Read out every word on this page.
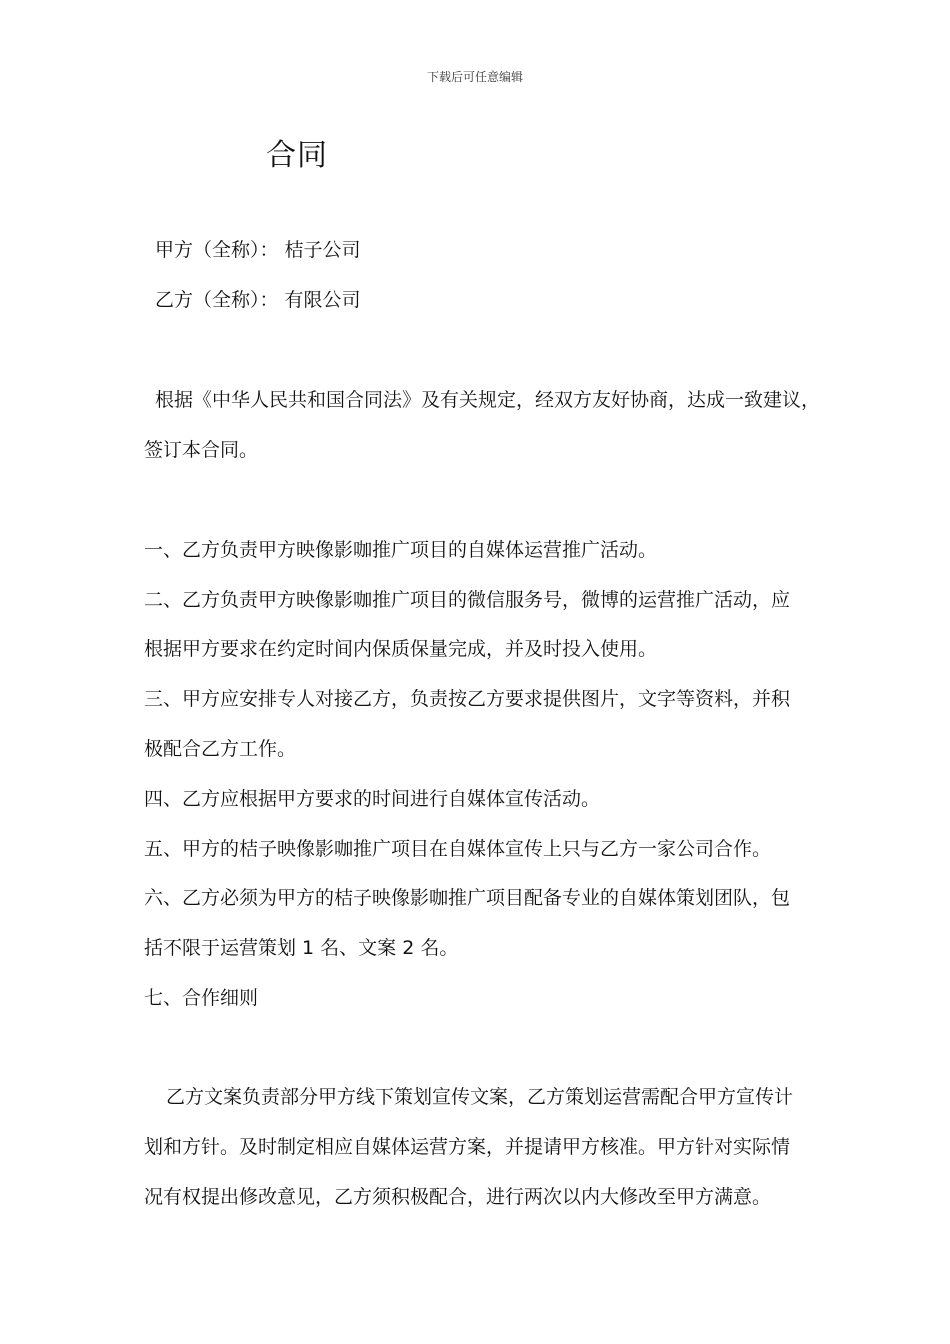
下载后可任意编辑
合同
甲方（全称）： 桔子公司
乙方（全称）： 有限公司
根据《中华人民共和国合同法》及有关规定，经双方友好协商，达成一致建议，
签订本合同。
一、乙方负责甲方映像影咖推广项目的自媒体运营推广活动。
二、乙方负责甲方映像影咖推广项目的微信服务号，微博的运营推广活动，应
根据甲方要求在约定时间内保质保量完成，并及时投入使用。
三、甲方应安排专人对接乙方，负责按乙方要求提供图片，文字等资料，并积
极配合乙方工作。
四、乙方应根据甲方要求的时间进行自媒体宣传活动。
五、甲方的桔子映像影咖推广项目在自媒体宣传上只与乙方一家公司合作。
六、乙方必须为甲方的桔子映像影咖推广项目配备专业的自媒体策划团队，包
括不限于运营策划 1 名、文案 2 名。
七、合作细则
乙方文案负责部分甲方线下策划宣传文案，乙方策划运营需配合甲方宣传计
划和方针。及时制定相应自媒体运营方案，并提请甲方核准。甲方针对实际情
况有权提出修改意见，乙方须积极配合，进行两次以内大修改至甲方满意。
